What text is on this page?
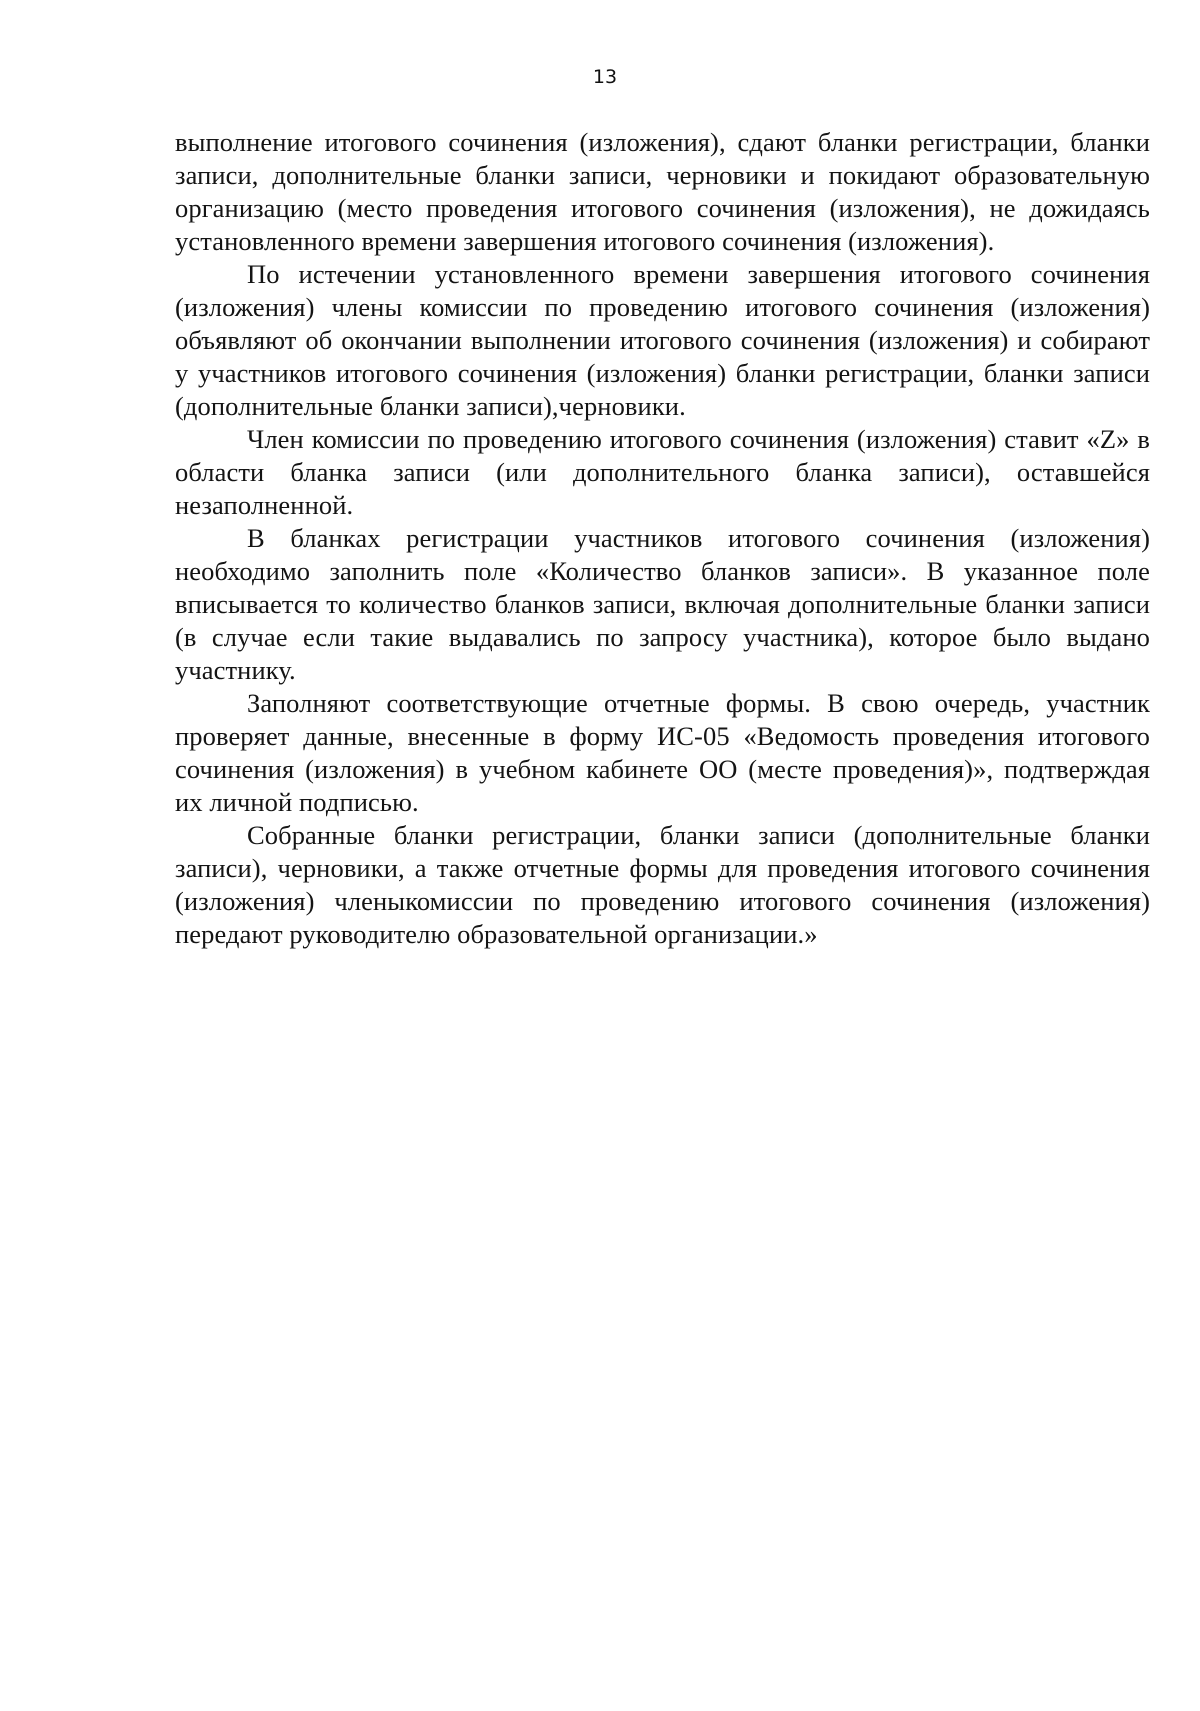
13

выполнение итогового сочинения (изложения), сдают бланки регистрации, бланки записи, дополнительные бланки записи, черновики и покидают образовательную организацию (место проведения итогового сочинения (изложения), не дожидаясь установленного времени завершения итогового сочинения (изложения).

По истечении установленного времени завершения итогового сочинения (изложения) члены комиссии по проведению итогового сочинения (изложения) объявляют об окончании выполнении итогового сочинения (изложения) и собирают у участников итогового сочинения (изложения) бланки регистрации, бланки записи (дополнительные бланки записи),черновики.

Член комиссии по проведению итогового сочинения (изложения) ставит «Z» в области бланка записи (или дополнительного бланка записи), оставшейся незаполненной.

В бланках регистрации участников итогового сочинения (изложения) необходимо заполнить поле «Количество бланков записи». В указанное поле вписывается то количество бланков записи, включая дополнительные бланки записи (в случае если такие выдавались по запросу участника), которое было выдано участнику.

Заполняют соответствующие отчетные формы. В свою очередь, участник проверяет данные, внесенные в форму ИС-05 «Ведомость проведения итогового сочинения (изложения) в учебном кабинете ОО (месте проведения)», подтверждая их личной подписью.

Собранные бланки регистрации, бланки записи (дополнительные бланки записи), черновики, а также отчетные формы для проведения итогового сочинения (изложения) членыкомиссии по проведению итогового сочинения (изложения) передают руководителю образовательной организации.»
